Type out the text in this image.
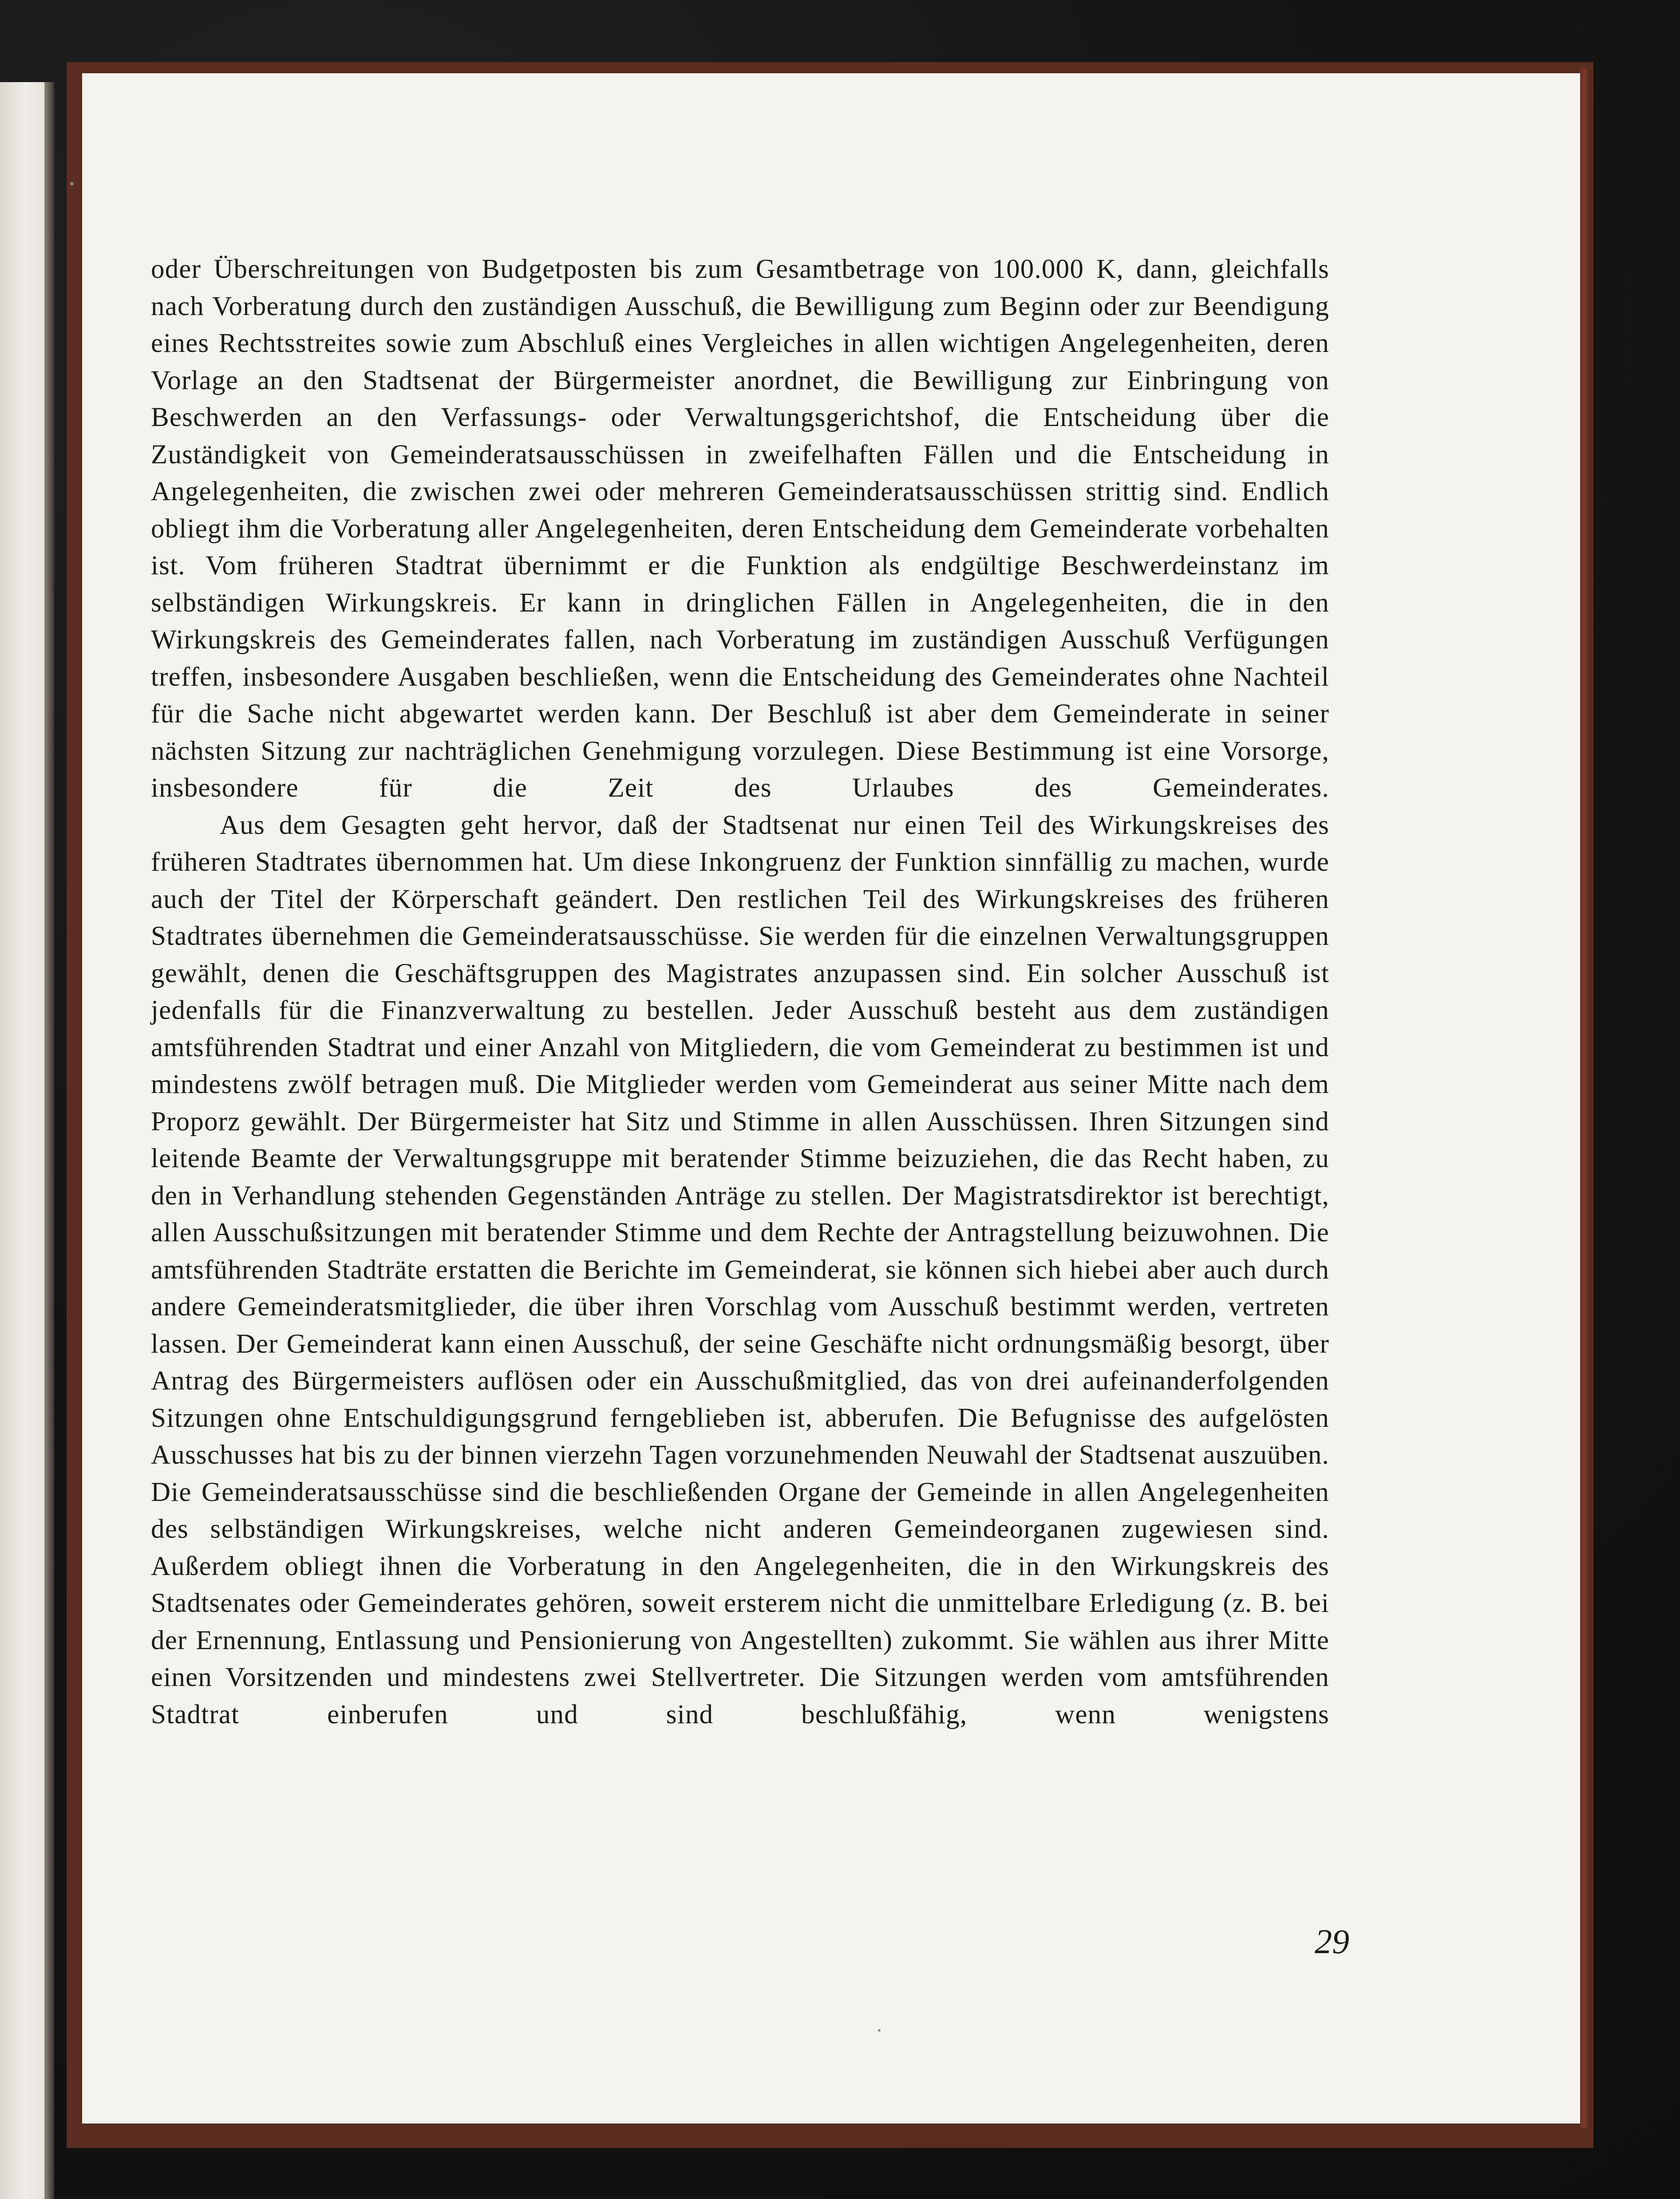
oder Überschreitungen von Budgetposten bis zum Gesamtbetrage von 100.000 K, dann, gleichfalls nach Vorberatung durch den zuständigen Ausschuß, die Bewilligung zum Beginn oder zur Beendigung eines Rechtsstreites sowie zum Abschluß eines Vergleiches in allen wichtigen Angelegenheiten, deren Vorlage an den Stadtsenat der Bürgermeister anordnet, die Bewilligung zur Einbringung von Beschwerden an den Verfassungs- oder Verwaltungsgerichtshof, die Entscheidung über die Zuständigkeit von Gemeinderatsausschüssen in zweifelhaften Fällen und die Entscheidung in Angelegenheiten, die zwischen zwei oder mehreren Gemeinderatsausschüssen strittig sind. Endlich obliegt ihm die Vorberatung aller Angelegenheiten, deren Entscheidung dem Gemeinderate vorbehalten ist. Vom früheren Stadtrat übernimmt er die Funktion als endgültige Beschwerdeinstanz im selbständigen Wirkungskreis. Er kann in dringlichen Fällen in Angelegenheiten, die in den Wirkungskreis des Gemeinderates fallen, nach Vorberatung im zuständigen Ausschuß Verfügungen treffen, insbesondere Ausgaben beschließen, wenn die Entscheidung des Gemeinderates ohne Nachteil für die Sache nicht abgewartet werden kann. Der Beschluß ist aber dem Gemeinderate in seiner nächsten Sitzung zur nachträglichen Genehmigung vorzulegen. Diese Bestimmung ist eine Vorsorge, insbesondere für die Zeit des Urlaubes des Gemeinderates.

Aus dem Gesagten geht hervor, daß der Stadtsenat nur einen Teil des Wirkungskreises des früheren Stadtrates übernommen hat. Um diese Inkongruenz der Funktion sinnfällig zu machen, wurde auch der Titel der Körperschaft geändert. Den restlichen Teil des Wirkungskreises des früheren Stadtrates übernehmen die Gemeinderatsausschüsse. Sie werden für die einzelnen Verwaltungsgruppen gewählt, denen die Geschäftsgruppen des Magistrates anzupassen sind. Ein solcher Ausschuß ist jedenfalls für die Finanzverwaltung zu bestellen. Jeder Ausschuß besteht aus dem zuständigen amtsführenden Stadtrat und einer Anzahl von Mitgliedern, die vom Gemeinderat zu bestimmen ist und mindestens zwölf betragen muß. Die Mitglieder werden vom Gemeinderat aus seiner Mitte nach dem Proporz gewählt. Der Bürgermeister hat Sitz und Stimme in allen Ausschüssen. Ihren Sitzungen sind leitende Beamte der Verwaltungsgruppe mit beratender Stimme beizuziehen, die das Recht haben, zu den in Verhandlung stehenden Gegenständen Anträge zu stellen. Der Magistratsdirektor ist berechtigt, allen Ausschußsitzungen mit beratender Stimme und dem Rechte der Antragstellung beizuwohnen. Die amtsführenden Stadträte erstatten die Berichte im Gemeinderat, sie können sich hiebei aber auch durch andere Gemeinderatsmitglieder, die über ihren Vorschlag vom Ausschuß bestimmt werden, vertreten lassen. Der Gemeinderat kann einen Ausschuß, der seine Geschäfte nicht ordnungsmäßig besorgt, über Antrag des Bürgermeisters auflösen oder ein Ausschußmitglied, das von drei aufeinanderfolgenden Sitzungen ohne Entschuldigungsgrund ferngeblieben ist, abberufen. Die Befugnisse des aufgelösten Ausschusses hat bis zu der binnen vierzehn Tagen vorzunehmenden Neuwahl der Stadtsenat auszuüben. Die Gemeinderatsausschüsse sind die beschließenden Organe der Gemeinde in allen Angelegenheiten des selbständigen Wirkungskreises, welche nicht anderen Gemeindeorganen zugewiesen sind. Außerdem obliegt ihnen die Vorberatung in den Angelegenheiten, die in den Wirkungskreis des Stadtsenates oder Gemeinderates gehören, soweit ersterem nicht die unmittelbare Erledigung (z. B. bei der Ernennung, Entlassung und Pensionierung von Angestellten) zukommt. Sie wählen aus ihrer Mitte einen Vorsitzenden und mindestens zwei Stellvertreter. Die Sitzungen werden vom amtsführenden Stadtrat einberufen und sind beschlußfähig, wenn wenigstens

29
